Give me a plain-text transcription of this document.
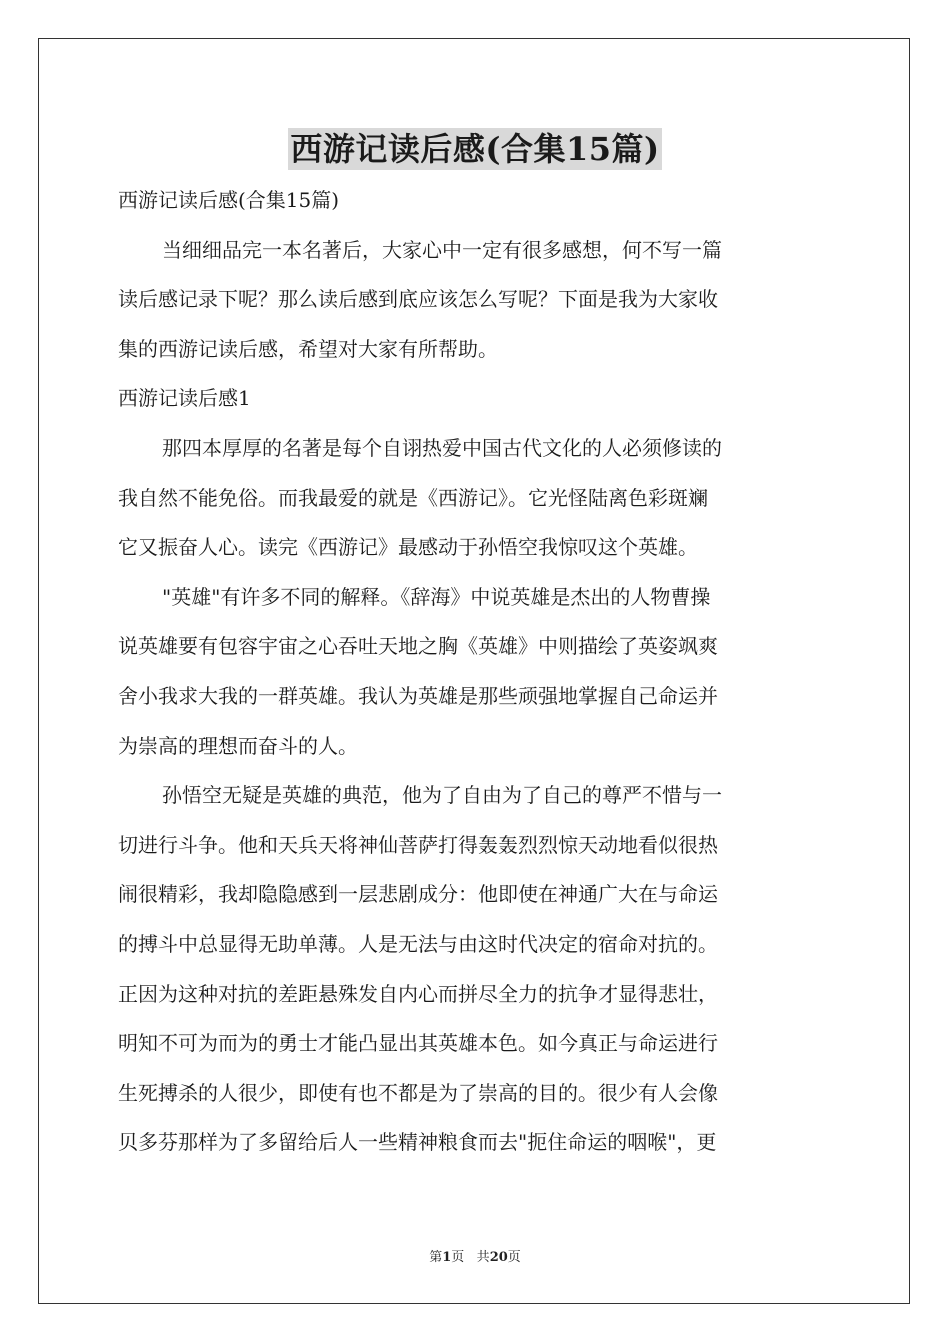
西游记读后感(合集15篇)

西游记读后感(合集15篇)

当细细品完一本名著后，大家心中一定有很多感想，何不写一篇

读后感记录下呢？那么读后感到底应该怎么写呢？下面是我为大家收

集的西游记读后感，希望对大家有所帮助。

西游记读后感1

那四本厚厚的名著是每个自诩热爱中国古代文化的人必须修读的

我自然不能免俗。而我最爱的就是《西游记》。它光怪陆离色彩斑斓

它又振奋人心。读完《西游记》最感动于孙悟空我惊叹这个英雄。

"英雄"有许多不同的解释。《辞海》中说英雄是杰出的人物曹操

说英雄要有包容宇宙之心吞吐天地之胸《英雄》中则描绘了英姿飒爽

舍小我求大我的一群英雄。我认为英雄是那些顽强地掌握自己命运并

为崇高的理想而奋斗的人。

孙悟空无疑是英雄的典范，他为了自由为了自己的尊严不惜与一

切进行斗争。他和天兵天将神仙菩萨打得轰轰烈烈惊天动地看似很热

闹很精彩，我却隐隐感到一层悲剧成分：他即使在神通广大在与命运

的搏斗中总显得无助单薄。人是无法与由这时代决定的宿命对抗的。

正因为这种对抗的差距悬殊发自内心而拼尽全力的抗争才显得悲壮，

明知不可为而为的勇士才能凸显出其英雄本色。如今真正与命运进行

生死搏杀的人很少，即使有也不都是为了崇高的目的。很少有人会像

贝多芬那样为了多留给后人一些精神粮食而去"扼住命运的咽喉"，更

第1页 共20页
